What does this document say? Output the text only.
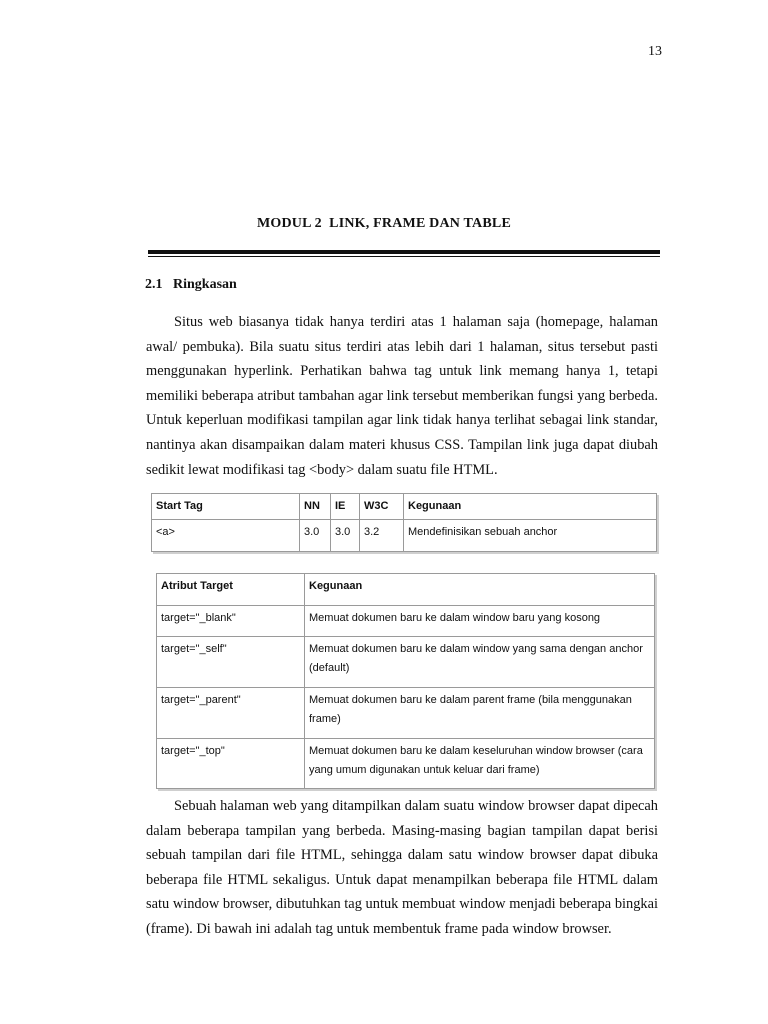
13
MODUL 2  LINK, FRAME DAN TABLE
2.1 Ringkasan

Situs web biasanya tidak hanya terdiri atas 1 halaman saja (homepage, halaman awal/ pembuka). Bila suatu situs terdiri atas lebih dari 1 halaman, situs tersebut pasti menggunakan hyperlink. Perhatikan bahwa tag untuk link memang hanya 1, tetapi memiliki beberapa atribut tambahan agar link tersebut memberikan fungsi yang berbeda. Untuk keperluan modifikasi tampilan agar link tidak hanya terlihat sebagai link standar, nantinya akan disampaikan dalam materi khusus CSS. Tampilan link juga dapat diubah sedikit lewat modifikasi tag <body> dalam suatu file HTML.

Start Tag	NN	IE	W3C	Kegunaan
<a>	3.0	3.0	3.2	Mendefinisikan sebuah anchor
Atribut Target	Kegunaan
target="_blank"	Memuat dokumen baru ke dalam window baru yang kosong
target="_self"	Memuat dokumen baru ke dalam window yang sama dengan anchor (default)
target="_parent"	Memuat dokumen baru ke dalam parent frame (bila menggunakan frame)
target="_top"	Memuat dokumen baru ke dalam keseluruhan window browser (cara yang umum digunakan untuk keluar dari frame)

Sebuah halaman web yang ditampilkan dalam suatu window browser dapat dipecah dalam beberapa tampilan yang berbeda. Masing-masing bagian tampilan dapat berisi sebuah tampilan dari file HTML, sehingga dalam satu window browser dapat dibuka beberapa file HTML sekaligus. Untuk dapat menampilkan beberapa file HTML dalam satu window browser, dibutuhkan tag untuk membuat window menjadi beberapa bingkai (frame). Di bawah ini adalah tag untuk membentuk frame pada window browser.
